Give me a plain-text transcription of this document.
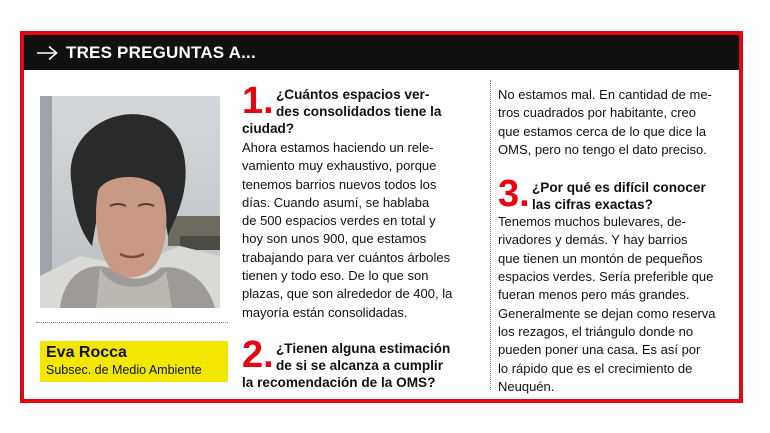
TRES PREGUNTAS A...
Eva Rocca
Subsec. de Medio Ambiente
1. ¿Cuántos espacios ver-
des consolidados tiene la
ciudad?
Ahora estamos haciendo un rele-
vamiento muy exhaustivo, porque
tenemos barrios nuevos todos los
días. Cuando asumí, se hablaba
de 500 espacios verdes en total y
hoy son unos 900, que estamos
trabajando para ver cuántos árboles
tienen y todo eso. De lo que son
plazas, que son alrededor de 400, la
mayoría están consolidadas.
2. ¿Tienen alguna estimación
de si se alcanza a cumplir
la recomendación de la OMS?
No estamos mal. En cantidad de me-
tros cuadrados por habitante, creo
que estamos cerca de lo que dice la
OMS, pero no tengo el dato preciso.
3. ¿Por qué es difícil conocer
las cifras exactas?
Tenemos muchos bulevares, de-
rivadores y demás. Y hay barrios
que tienen un montón de pequeños
espacios verdes. Sería preferible que
fueran menos pero más grandes.
Generalmente se dejan como reserva
los rezagos, el triángulo donde no
pueden poner una casa. Es así por
lo rápido que es el crecimiento de
Neuquén.
